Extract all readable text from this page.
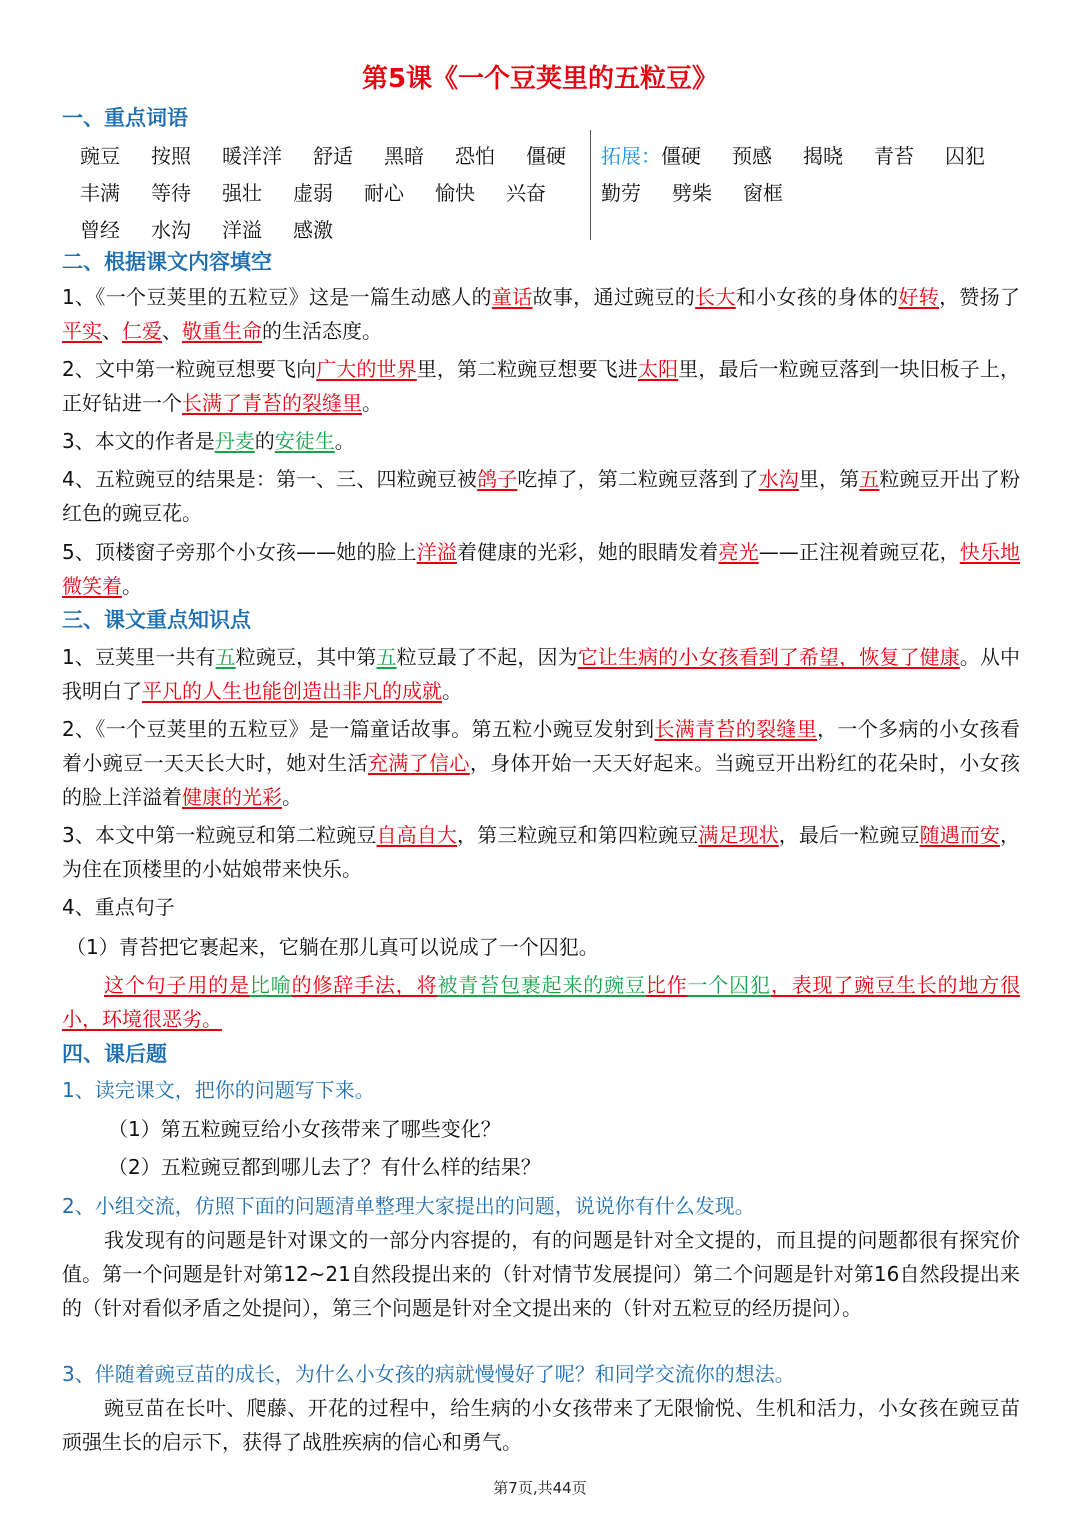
第5课《一个豆荚里的五粒豆》
一、重点词语
豌豆 按照 暖洋洋 舒适 黑暗 恐怕 僵硬
丰满 等待 强壮 虚弱 耐心 愉快 兴奋
曾经 水沟 洋溢 感激
拓展：僵硬 预感 揭晓 青苔 囚犯
勤劳 劈柴 窗框
二、根据课文内容填空
1、《一个豆荚里的五粒豆》这是一篇生动感人的童话故事，通过豌豆的长大和小女孩的身体的好转，赞扬了平实、仁爱、敬重生命的生活态度。
2、文中第一粒豌豆想要飞向广大的世界里，第二粒豌豆想要飞进太阳里，最后一粒豌豆落到一块旧板子上，正好钻进一个长满了青苔的裂缝里。
3、本文的作者是丹麦的安徒生。
4、五粒豌豆的结果是：第一、三、四粒豌豆被鸽子吃掉了，第二粒豌豆落到了水沟里，第五粒豌豆开出了粉红色的豌豆花。
5、顶楼窗子旁那个小女孩——她的脸上洋溢着健康的光彩，她的眼睛发着亮光——正注视着豌豆花，快乐地微笑着。
三、课文重点知识点
1、豆荚里一共有五粒豌豆，其中第五粒豆最了不起，因为它让生病的小女孩看到了希望，恢复了健康。从中我明白了平凡的人生也能创造出非凡的成就。
2、《一个豆荚里的五粒豆》是一篇童话故事。第五粒小豌豆发射到长满青苔的裂缝里，一个多病的小女孩看着小豌豆一天天长大时，她对生活充满了信心，身体开始一天天好起来。当豌豆开出粉红的花朵时，小女孩的脸上洋溢着健康的光彩。
3、本文中第一粒豌豆和第二粒豌豆自高自大，第三粒豌豆和第四粒豌豆满足现状，最后一粒豌豆随遇而安，为住在顶楼里的小姑娘带来快乐。
4、重点句子
（1）青苔把它裹起来，它躺在那儿真可以说成了一个囚犯。
这个句子用的是比喻的修辞手法，将被青苔包裹起来的豌豆比作一个囚犯，表现了豌豆生长的地方很小，环境很恶劣。
四、课后题
1、读完课文，把你的问题写下来。
（1）第五粒豌豆给小女孩带来了哪些变化？
（2）五粒豌豆都到哪儿去了？有什么样的结果？
2、小组交流，仿照下面的问题清单整理大家提出的问题，说说你有什么发现。
我发现有的问题是针对课文的一部分内容提的，有的问题是针对全文提的，而且提的问题都很有探究价值。第一个问题是针对第12~21自然段提出来的（针对情节发展提问）第二个问题是针对第16自然段提出来的（针对看似矛盾之处提问），第三个问题是针对全文提出来的（针对五粒豆的经历提问）。
3、伴随着豌豆苗的成长，为什么小女孩的病就慢慢好了呢？和同学交流你的想法。
豌豆苗在长叶、爬藤、开花的过程中，给生病的小女孩带来了无限愉悦、生机和活力，小女孩在豌豆苗顽强生长的启示下，获得了战胜疾病的信心和勇气。
第7页,共44页
